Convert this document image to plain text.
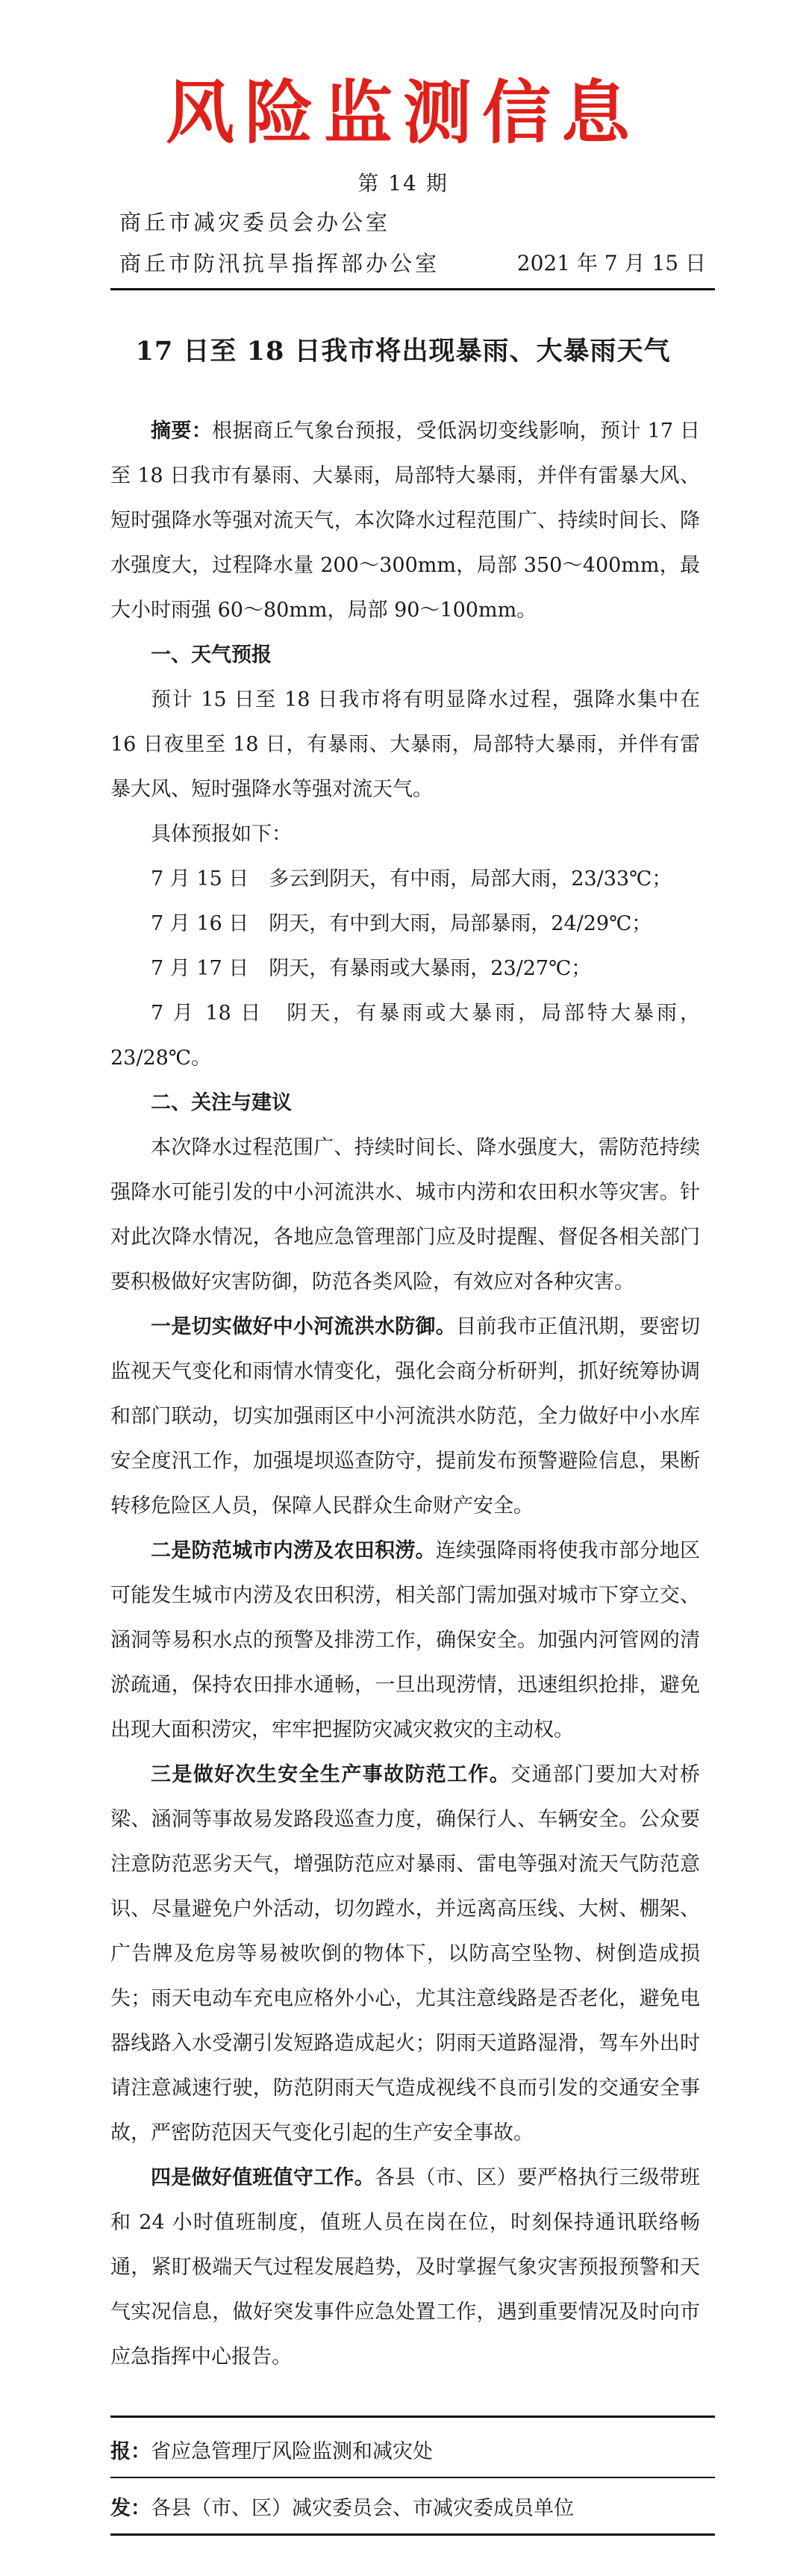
风险监测信息
第 14 期
商丘市减灾委员会办公室
商丘市防汛抗旱指挥部办公室	2021 年 7 月 15 日
17 日至 18 日我市将出现暴雨、大暴雨天气

摘要：根据商丘气象台预报，受低涡切变线影响，预计 17 日至 18 日我市有暴雨、大暴雨，局部特大暴雨，并伴有雷暴大风、短时强降水等强对流天气，本次降水过程范围广、持续时间长、降水强度大，过程降水量 200～300mm，局部 350～400mm，最大小时雨强 60～80mm，局部 90～100mm。

一、天气预报

预计 15 日至 18 日我市将有明显降水过程，强降水集中在 16 日夜里至 18 日，有暴雨、大暴雨，局部特大暴雨，并伴有雷暴大风、短时强降水等强对流天气。

具体预报如下：

7 月 15 日　多云到阴天，有中雨，局部大雨，23/33℃；

7 月 16 日　阴天，有中到大雨，局部暴雨，24/29℃；

7 月 17 日　阴天，有暴雨或大暴雨，23/27℃；

7 月 18 日　阴天，有暴雨或大暴雨，局部特大暴雨，23/28℃。

二、关注与建议

本次降水过程范围广、持续时间长、降水强度大，需防范持续强降水可能引发的中小河流洪水、城市内涝和农田积水等灾害。针对此次降水情况，各地应急管理部门应及时提醒、督促各相关部门要积极做好灾害防御，防范各类风险，有效应对各种灾害。

一是切实做好中小河流洪水防御。目前我市正值汛期，要密切监视天气变化和雨情水情变化，强化会商分析研判，抓好统筹协调和部门联动，切实加强雨区中小河流洪水防范，全力做好中小水库安全度汛工作，加强堤坝巡查防守，提前发布预警避险信息，果断转移危险区人员，保障人民群众生命财产安全。

二是防范城市内涝及农田积涝。连续强降雨将使我市部分地区可能发生城市内涝及农田积涝，相关部门需加强对城市下穿立交、涵洞等易积水点的预警及排涝工作，确保安全。加强内河管网的清淤疏通，保持农田排水通畅，一旦出现涝情，迅速组织抢排，避免出现大面积涝灾，牢牢把握防灾减灾救灾的主动权。

三是做好次生安全生产事故防范工作。交通部门要加大对桥梁、涵洞等事故易发路段巡查力度，确保行人、车辆安全。公众要注意防范恶劣天气，增强防范应对暴雨、雷电等强对流天气防范意识、尽量避免户外活动，切勿蹚水，并远离高压线、大树、棚架、广告牌及危房等易被吹倒的物体下，以防高空坠物、树倒造成损失；雨天电动车充电应格外小心，尤其注意线路是否老化，避免电器线路入水受潮引发短路造成起火；阴雨天道路湿滑，驾车外出时请注意减速行驶，防范阴雨天气造成视线不良而引发的交通安全事故，严密防范因天气变化引起的生产安全事故。

四是做好值班值守工作。各县（市、区）要严格执行三级带班和 24 小时值班制度，值班人员在岗在位，时刻保持通讯联络畅通，紧盯极端天气过程发展趋势，及时掌握气象灾害预报预警和天气实况信息，做好突发事件应急处置工作，遇到重要情况及时向市应急指挥中心报告。

报：省应急管理厅风险监测和减灾处
发：各县（市、区）减灾委员会、市减灾委成员单位
